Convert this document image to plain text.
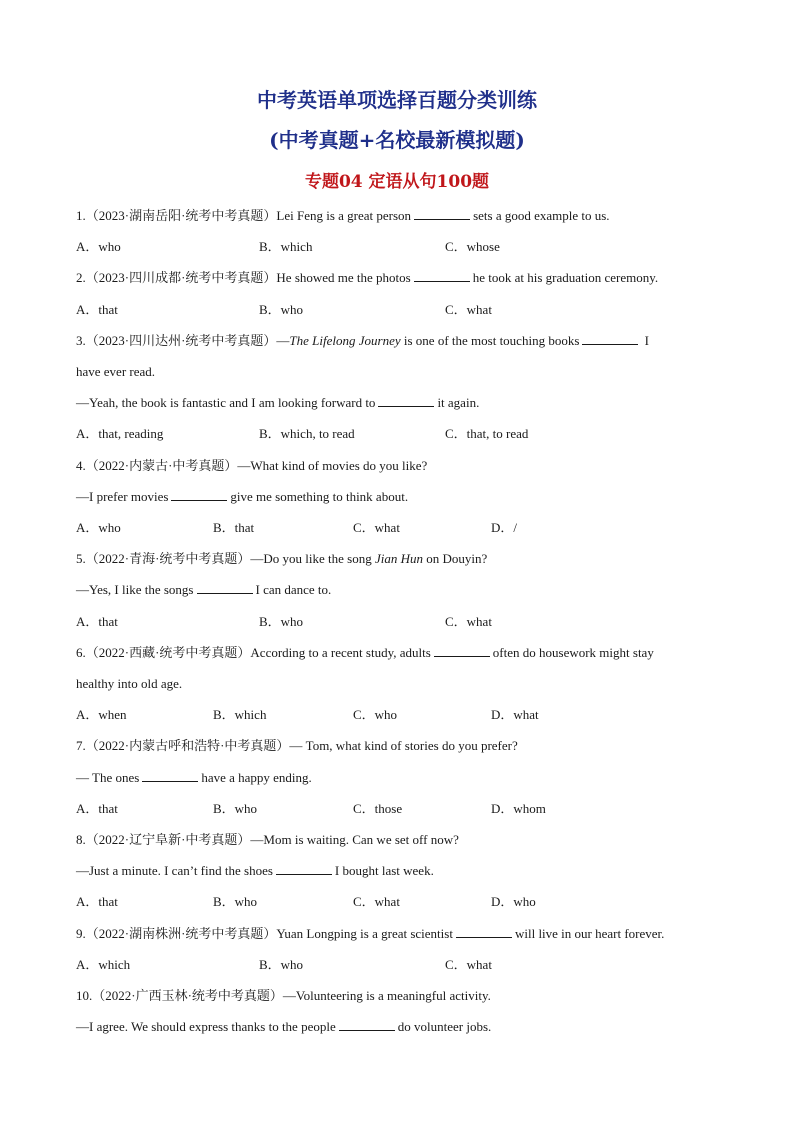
中考英语单项选择百题分类训练
(中考真题+名校最新模拟题)
专题04 定语从句100题
1.（2023·湖南岳阳·统考中考真题）Lei Feng is a great person	sets a good example to us.
A．who	B．which	C．whose
2.（2023·四川成都·统考中考真题）He showed me the photos	he took at his graduation ceremony.
A．that	B．who	C．what
3.（2023·四川达州·统考中考真题）—The Lifelong Journey is one of the most touching books	I
have ever read.
—Yeah, the book is fantastic and I am looking forward to	it again.
A．that, reading	B．which, to read	C．that, to read
4.（2022·内蒙古·中考真题）—What kind of movies do you like?
—I prefer movies	give me something to think about.
A．who	B．that	C．what	D．/
5.（2022·青海·统考中考真题）—Do you like the song Jian Hun on Douyin?
—Yes, I like the songs	I can dance to.
A．that	B．who	C．what
6.（2022·西藏·统考中考真题）According to a recent study, adults	often do housework might stay
healthy into old age.
A．when	B．which	C．who	D．what
7.（2022·内蒙古呼和浩特·中考真题）— Tom, what kind of stories do you prefer?
— The ones	have a happy ending.
A．that	B．who	C．those	D．whom
8.（2022·辽宁阜新·中考真题）—Mom is waiting. Can we set off now?
—Just a minute. I can’t find the shoes	I bought last week.
A．that	B．who	C．what	D．who
9.（2022·湖南株洲·统考中考真题）Yuan Longping is a great scientist	will live in our heart forever.
A．which	B．who	C．what
10.（2022·广西玉林·统考中考真题）—Volunteering is a meaningful activity.
—I agree. We should express thanks to the people	do volunteer jobs.
